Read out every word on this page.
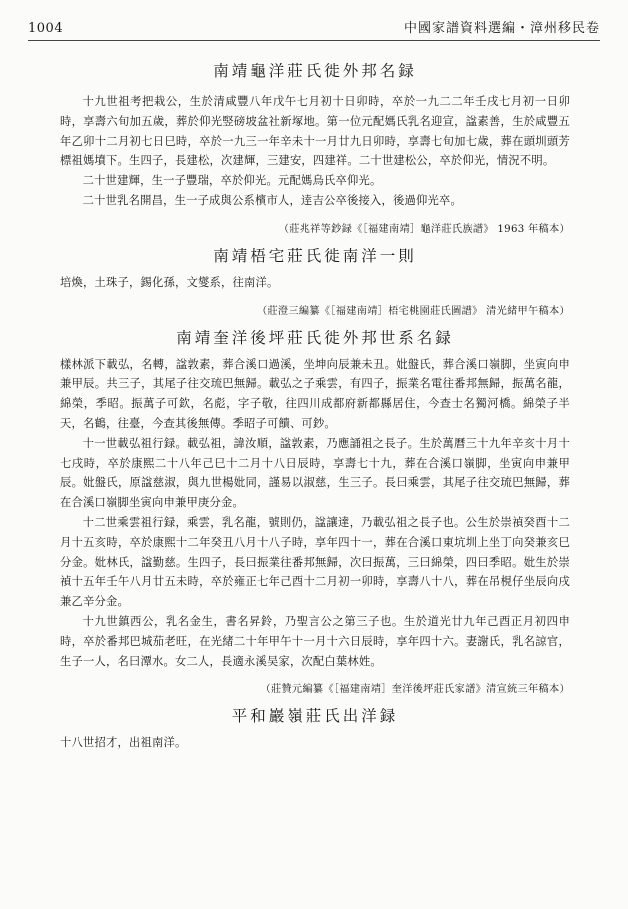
1004	中國家譜資料選編・漳州移民卷
南靖龜洋莊氏徙外邦名録

十九世祖考把栽公，生於清咸豐八年戊午七月初十日卯時，卒於一九二二年壬戌七月初一日卯時，享壽六旬加五歲，葬於仰光竪磅坡盆社新塚地。第一位元配媽氏乳名迎宣，諡素善，生於咸豐五年乙卯十二月初七日巳時，卒於一九三一年辛未十一月廿九日卯時，享壽七旬加七歲，葬在頭圳頭芳標祖媽墳下。生四子，長建松，次建輝，三建安，四建祥。二十世建松公，卒於仰光，情況不明。

二十世建輝，生一子豐瑞，卒於仰光。元配媽烏氏卒仰光。

二十世乳名開昌，生一子成與公系檳市人，逹吉公卒後接入，後過仰光卒。

（莊兆祥等鈔録《［福建南靖］龜洋莊氏族譜》 1963 年稿本）
南靖梧宅莊氏徙南洋一則

培煥，土珠子，錫化孫，文燮系，往南洋。

（莊澄三編纂《［福建南靖］梧宅桃園莊氏圖譜》 清光緒甲午稿本）
南靖奎洋後坪莊氏徙外邦世系名録

樣林派下載弘，名轉，諡敦素，葬合溪口過溪，坐坤向辰兼未丑。妣盤氏，葬合溪口嶺脚，坐寅向申兼甲辰。共三子，其尾子往交琉巴無歸。載弘之子乘雲，有四子，振業名電往番邦無歸，振萬名龍，綿榮，季昭。振萬子可欽，名彪，字子敬，往四川成都府新都縣居住，今查士名獨河橋。綿榮子半天，名鶴，往臺，今查其後無傳。季昭子可饋、可鈔。

十一世載弘祖行録。載弘祖，諱汝順，諡敦素，乃應誦祖之長子。生於萬曆三十九年辛亥十月十七戌時，卒於康熙二十八年己巳十二月十八日辰時，享壽七十九，葬在合溪口嶺脚，坐寅向申兼甲辰。妣盤氏，原諡慈淑，與九世楊妣同，謹易以淑慈，生三子。長曰乘雲，其尾子往交琉巴無歸，葬在合溪口嶺脚坐寅向申兼甲庚分金。

十二世乘雲祖行録，乘雲，乳名龍，號則仍，諡讓達，乃載弘祖之長子也。公生於崇禎癸酉十二月十五亥時，卒於康熙十二年癸丑八月十八子時，享年四十一，葬在合溪口東坑圳上坐丁向癸兼亥巳分金。妣林氏，諡勤慈。生四子，長曰振業往番邦無歸，次曰振萬，三曰綿榮，四曰季昭。妣生於崇禎十五年壬午八月廿五未時，卒於雍正七年己酉十二月初一卯時，享壽八十八，葬在吊梘仔坐辰向戌兼乙辛分金。

十九世鎮西公，乳名金生，書名昇鈴，乃聖言公之第三子也。生於道光廿九年己酉正月初四申時，卒於番邦巴城茄老旺，在光緒二十年甲午十一月十六日辰時，享年四十六。妻謝氏，乳名諒官，生子一人，名曰潭水。女二人，長適永溪吴家，次配白葉林姓。

（莊贊元編纂《［福建南靖］奎洋後坪莊氏家譜》清宣統三年稿本）
平和巖嶺莊氏出洋録

十八世招才，出祖南洋。
